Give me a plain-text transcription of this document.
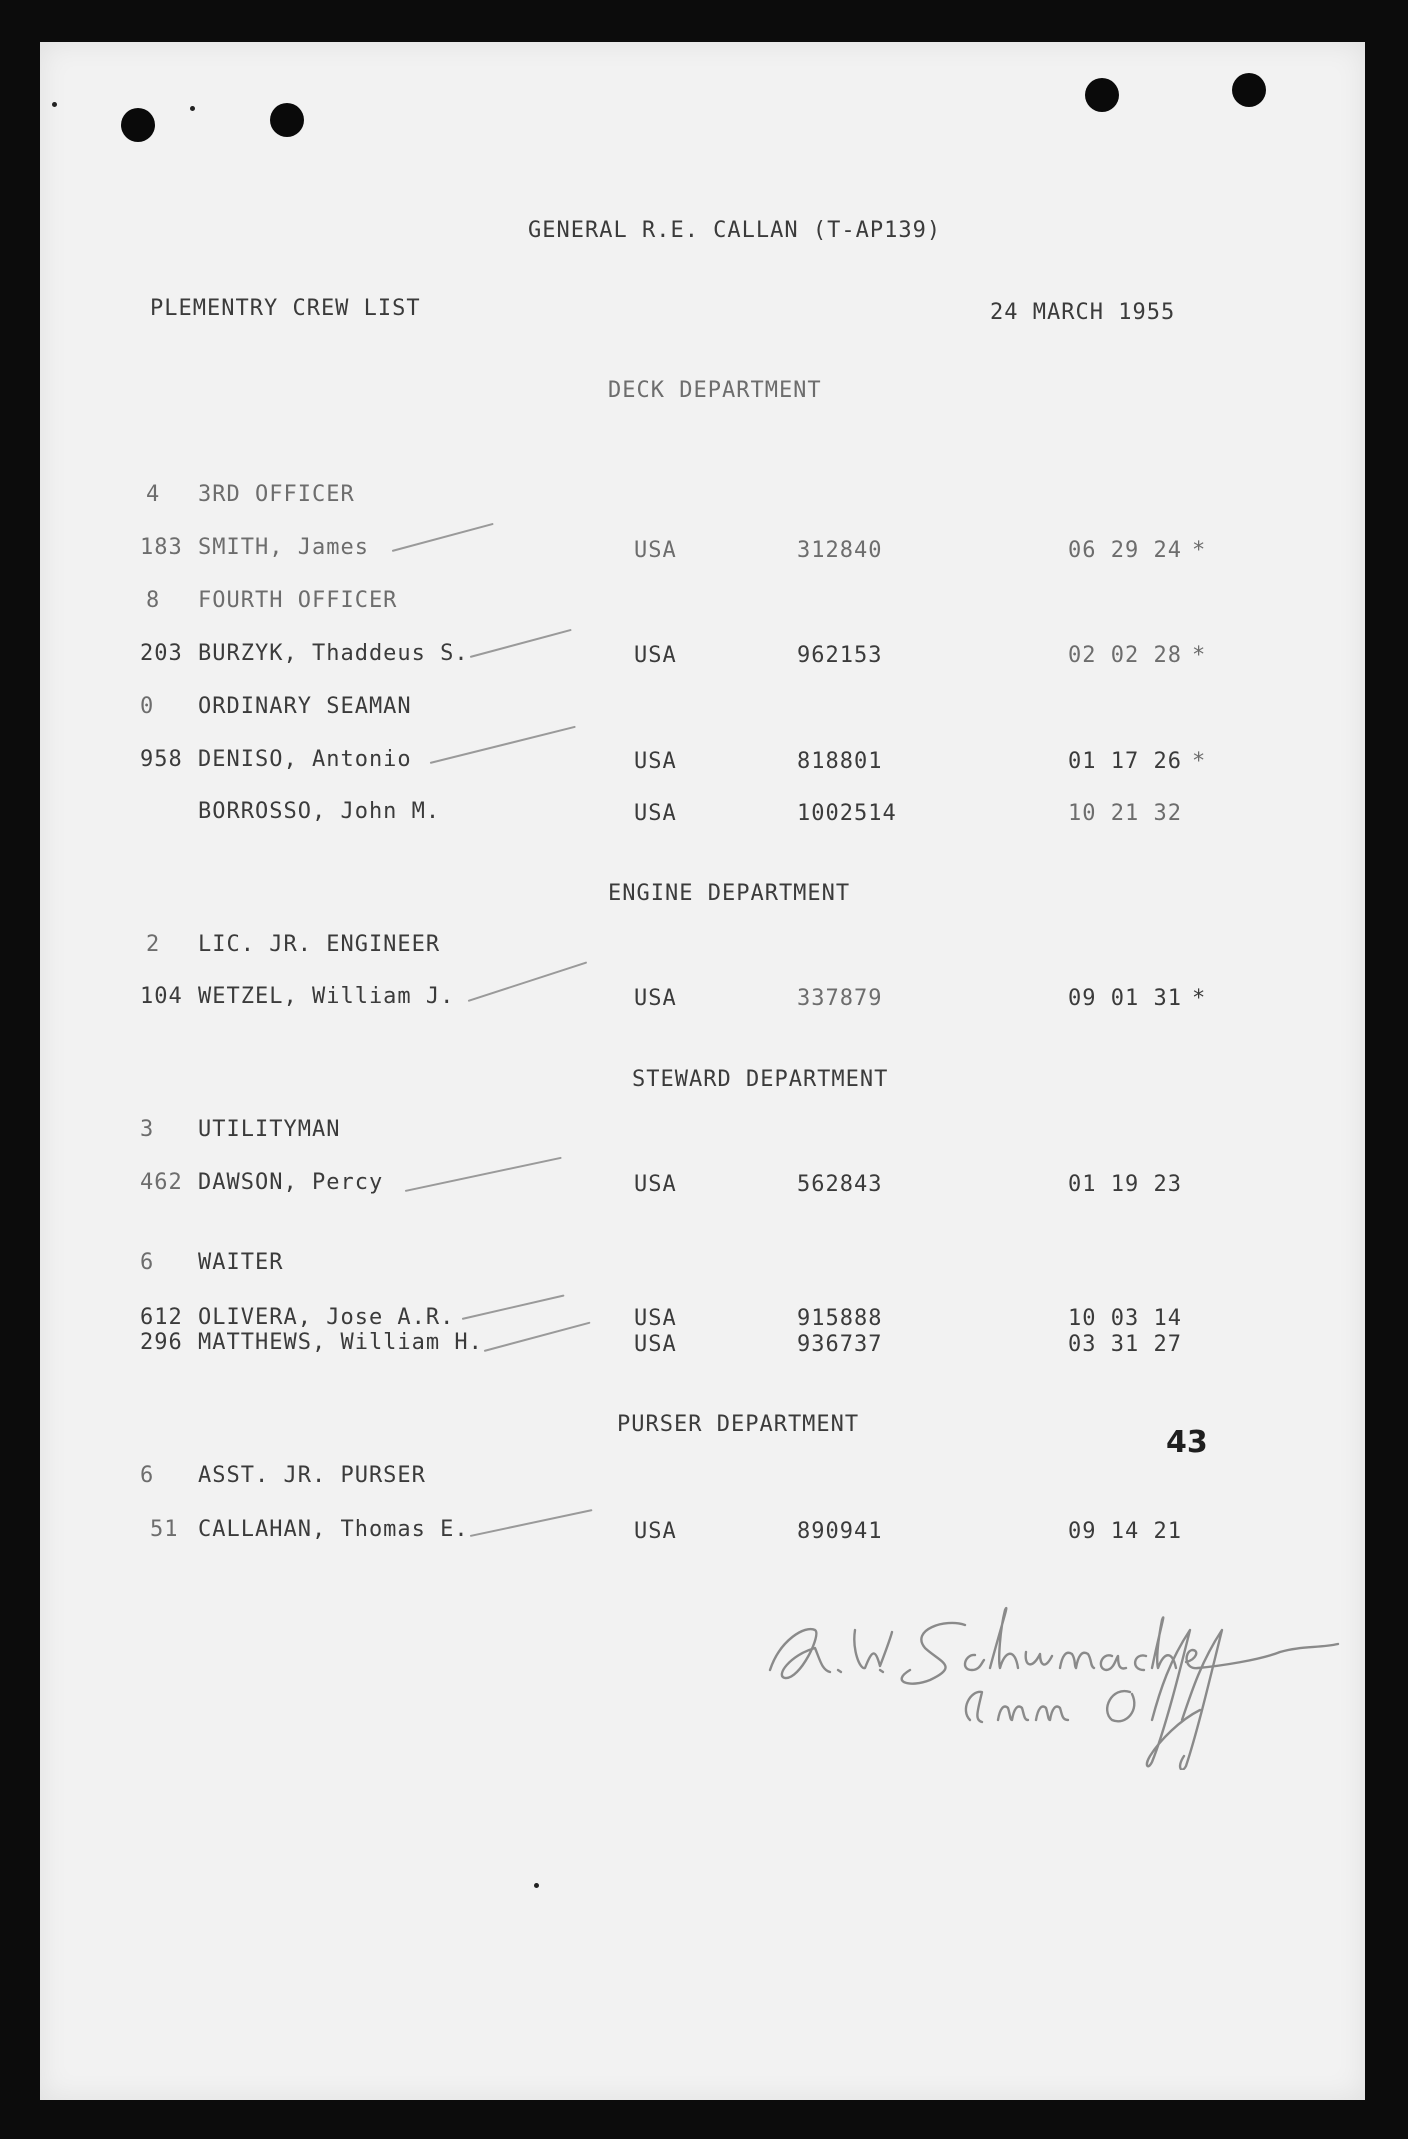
GENERAL R.E. CALLAN (T-AP139)
PLEMENTRY CREW LIST	24 MARCH 1955
DECK DEPARTMENT
4 3RD OFFICER
183 SMITH, James	USA	312840	06 29 24 *
8 FOURTH OFFICER
203 BURZYK, Thaddeus S.	USA	962153	02 02 28 *
0 ORDINARY SEAMAN
958 DENISO, Antonio	USA	818801	01 17 26 *
BORROSSO, John M.	USA	1002514	10 21 32
ENGINE DEPARTMENT
2 LIC. JR. ENGINEER
104 WETZEL, William J.	USA	337879	09 01 31 *
STEWARD DEPARTMENT
3 UTILITYMAN
462 DAWSON, Percy	USA	562843	01 19 23
6 WAITER
612 OLIVERA, Jose A.R.	USA	915888	10 03 14
296 MATTHEWS, William H.	USA	936737	03 31 27
PURSER DEPARTMENT
43
6 ASST. JR. PURSER
51 CALLAHAN, Thomas E.	USA	890941	09 14 21
